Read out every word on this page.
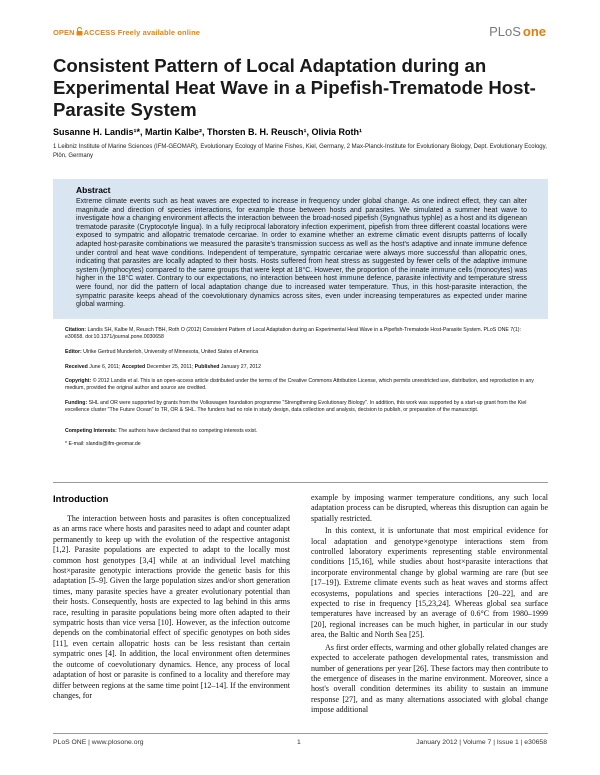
OPEN ACCESS Freely available online	PLoS one
Consistent Pattern of Local Adaptation during an Experimental Heat Wave in a Pipefish-Trematode Host-Parasite System
Susanne H. Landis¹*, Martin Kalbe², Thorsten B. H. Reusch¹, Olivia Roth¹
1 Leibniz Institute of Marine Sciences (IFM-GEOMAR), Evolutionary Ecology of Marine Fishes, Kiel, Germany, 2 Max-Planck-Institute for Evolutionary Biology, Dept. Evolutionary Ecology, Plön, Germany
Abstract
Extreme climate events such as heat waves are expected to increase in frequency under global change. As one indirect effect, they can alter magnitude and direction of species interactions, for example those between hosts and parasites. We simulated a summer heat wave to investigate how a changing environment affects the interaction between the broad-nosed pipefish (Syngnathus typhle) as a host and its digenean trematode parasite (Cryptocotyle lingua). In a fully reciprocal laboratory infection experiment, pipefish from three different coastal locations were exposed to sympatric and allopatric trematode cercariae. In order to examine whether an extreme climatic event disrupts patterns of locally adapted host-parasite combinations we measured the parasite's transmission success as well as the host's adaptive and innate immune defence under control and heat wave conditions. Independent of temperature, sympatric cercariae were always more successful than allopatric ones, indicating that parasites are locally adapted to their hosts. Hosts suffered from heat stress as suggested by fewer cells of the adaptive immune system (lymphocytes) compared to the same groups that were kept at 18°C. However, the proportion of the innate immune cells (monocytes) was higher in the 18°C water. Contrary to our expectations, no interaction between host immune defence, parasite infectivity and temperature stress were found, nor did the pattern of local adaptation change due to increased water temperature. Thus, in this host-parasite interaction, the sympatric parasite keeps ahead of the coevolutionary dynamics across sites, even under increasing temperatures as expected under marine global warming.
Citation: Landis SH, Kalbe M, Reusch TBH, Roth O (2012) Consistent Pattern of Local Adaptation during an Experimental Heat Wave in a Pipefish-Trematode Host-Parasite System. PLoS ONE 7(1): e30658. doi:10.1371/journal.pone.0030658
Editor: Ulrike Gertrud Munderloh, University of Minnesota, United States of America
Received June 6, 2011; Accepted December 25, 2011; Published January 27, 2012
Copyright: © 2012 Landis et al. This is an open-access article distributed under the terms of the Creative Commons Attribution License, which permits unrestricted use, distribution, and reproduction in any medium, provided the original author and source are credited.
Funding: SHL and OR were supported by grants from the Volkswagen foundation programme "Strengthening Evolutionary Biology". In addition, this work was supported by a start-up grant from the Kiel excellence cluster "The Future Ocean" to TR, OR & SHL. The funders had no role in study design, data collection and analysis, decision to publish, or preparation of the manuscript.
Competing Interests: The authors have declared that no competing interests exist.
* E-mail: slandis@ifm-geomar.de
Introduction
The interaction between hosts and parasites is often conceptualized as an arms race where hosts and parasites need to adapt and counter adapt permanently to keep up with the evolution of the respective antagonist [1,2]. Parasite populations are expected to adapt to the locally most common host genotypes [3,4] while at an individual level matching host×parasite genotypic interactions provide the genetic basis for this adaptation [5–9]. Given the large population sizes and/or short generation times, many parasite species have a greater evolutionary potential than their hosts. Consequently, hosts are expected to lag behind in this arms race, resulting in parasite populations being more often adapted to their sympatric hosts than vice versa [10]. However, as the infection outcome depends on the combinatorial effect of specific genotypes on both sides [11], even certain allopatric hosts can be less resistant than certain sympatric ones [4]. In addition, the local environment often determines the outcome of coevolutionary dynamics. Hence, any process of local adaptation of host or parasite is confined to a locality and therefore may differ between regions at the same time point [12–14]. If the environment changes, for
example by imposing warmer temperature conditions, any such local adaptation process can be disrupted, whereas this disruption can again be spatially restricted.
In this context, it is unfortunate that most empirical evidence for local adaptation and genotype×genotype interactions stem from controlled laboratory experiments representing stable environmental conditions [15,16], while studies about host×parasite interactions that incorporate environmental change by global warming are rare (but see [17–19]). Extreme climate events such as heat waves and storms affect ecosystems, populations and species interactions [20–22], and are expected to rise in frequency [15,23,24]. Whereas global sea surface temperatures have increased by an average of 0.6°C from 1980–1999 [20], regional increases can be much higher, in particular in our study area, the Baltic and North Sea [25].
As first order effects, warming and other globally related changes are expected to accelerate pathogen developmental rates, transmission and number of generations per year [26]. These factors may then contribute to the emergence of diseases in the marine environment. Moreover, since a host's overall condition determines its ability to sustain an immune response [27], and as many alternations associated with global change impose additional
PLoS ONE | www.plosone.org	1	January 2012 | Volume 7 | Issue 1 | e30658
